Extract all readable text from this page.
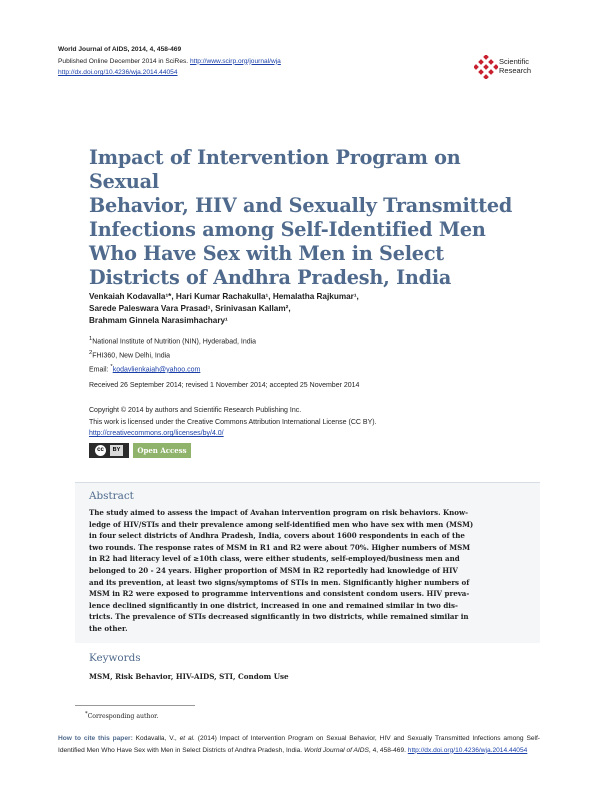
World Journal of AIDS, 2014, 4, 458-469
Published Online December 2014 in SciRes. http://www.scirp.org/journal/wja
http://dx.doi.org/10.4236/wja.2014.44054
Scientific
Research
Impact of Intervention Program on Sexual
Behavior, HIV and Sexually Transmitted
Infections among Self-Identified Men
Who Have Sex with Men in Select
Districts of Andhra Pradesh, India
Venkaiah Kodavalla¹*, Hari Kumar Rachakulla¹, Hemalatha Rajkumar¹,
Sarede Paleswara Vara Prasad¹, Srinivasan Kallam²,
Brahmam Ginnela Narasimhachary¹
$^1$National Institute of Nutrition (NIN), Hyderabad, India
$^2$FHI360, New Delhi, India
Email: *kodavlienkaiah@yahoo.com
Received 26 September 2014; revised 1 November 2014; accepted 25 November 2014
Copyright © 2014 by authors and Scientific Research Publishing Inc.
This work is licensed under the Creative Commons Attribution International License (CC BY).
http://creativecommons.org/licenses/by/4.0/
cc	BY	Open Access
Abstract
The study aimed to assess the impact of Avahan intervention program on risk behaviors. Know-
ledge of HIV/STIs and their prevalence among self-identified men who have sex with men (MSM)
in four select districts of Andhra Pradesh, India, covers about 1600 respondents in each of the
two rounds. The response rates of MSM in R1 and R2 were about 70%. Higher numbers of MSM
in R2 had literacy level of ≥10th class, were either students, self-employed/business men and
belonged to 20 - 24 years. Higher proportion of MSM in R2 reportedly had knowledge of HIV
and its prevention, at least two signs/symptoms of STIs in men. Significantly higher numbers of
MSM in R2 were exposed to programme interventions and consistent condom users. HIV preva-
lence declined significantly in one district, increased in one and remained similar in two dis-
tricts. The prevalence of STIs decreased significantly in two districts, while remained similar in
the other.
Keywords
MSM, Risk Behavior, HIV-AIDS, STI, Condom Use
*Corresponding author.
How to cite this paper: Kodavalla, V., et al. (2014) Impact of Intervention Program on Sexual Behavior, HIV and Sexually Transmitted Infections among Self-Identified Men Who Have Sex with Men in Select Districts of Andhra Pradesh, India. World Journal of AIDS, 4, 458-469. http://dx.doi.org/10.4236/wja.2014.44054
